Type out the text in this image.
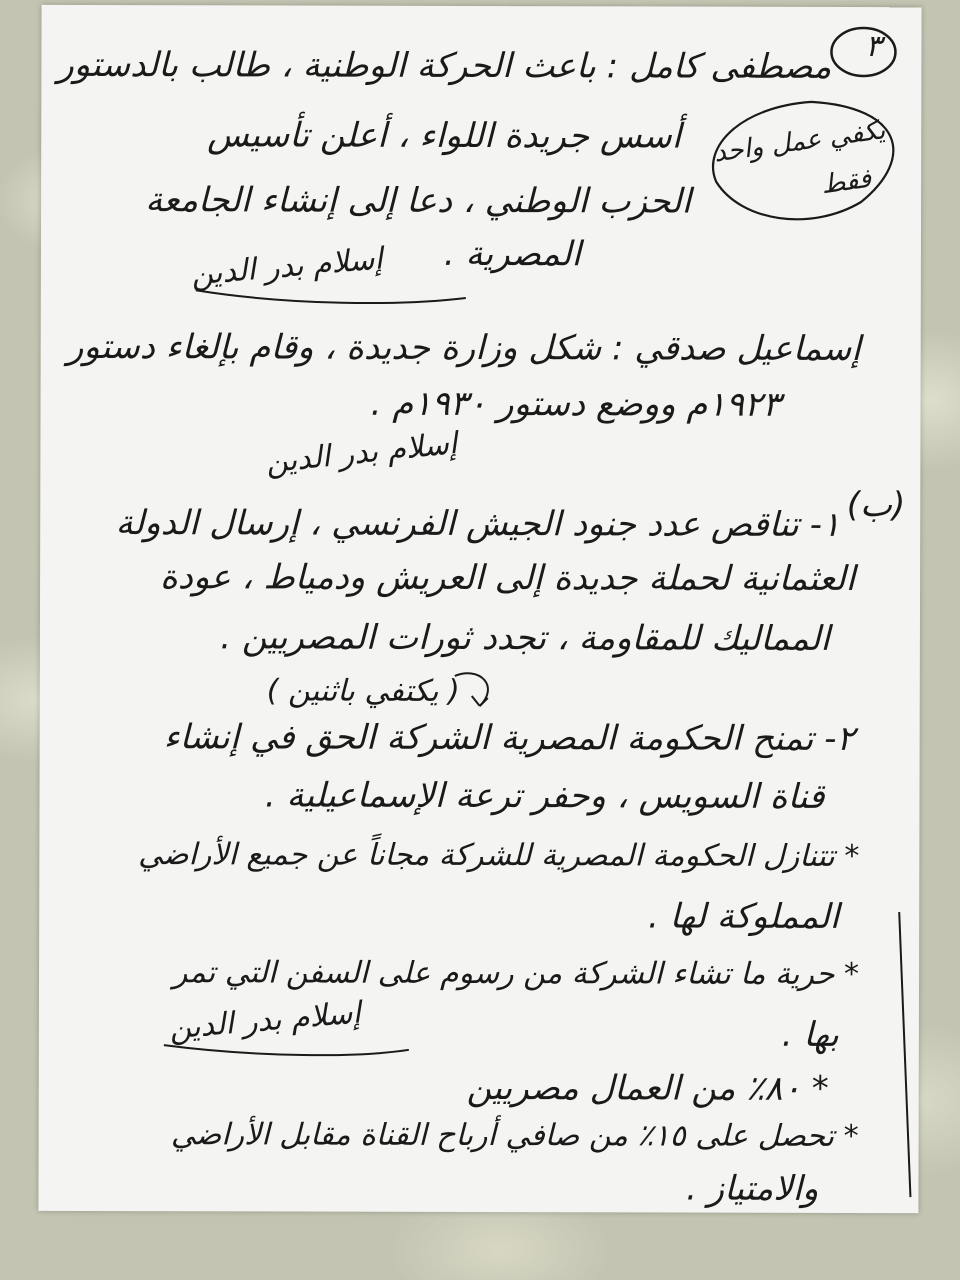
٣
مصطفى كامل : باعث الحركة الوطنية ، طالب بالدستور
أسس جريدة اللواء ، أعلن تأسيس
الحزب الوطني ، دعا إلى إنشاء الجامعة
المصرية .
يكفي عمل واحد
فقط
إسلام بدر الدين
إسماعيل صدقي : شكل وزارة جديدة ، وقام بإلغاء دستور
١٩٢٣م ووضع دستور ١٩٣٠م .
إسلام بدر الدين
(ب)
١- تناقص عدد جنود الجيش الفرنسي ، إرسال الدولة
العثمانية لحملة جديدة إلى العريش ودمياط ، عودة
المماليك للمقاومة ، تجدد ثورات المصريين .
( يكتفي باثنين )
٢- تمنح الحكومة المصرية الشركة الحق في إنشاء
قناة السويس ، وحفر ترعة الإسماعيلية .
* تتنازل الحكومة المصرية للشركة مجاناً عن جميع الأراضي
المملوكة لها .
* حرية ما تشاء الشركة من رسوم على السفن التي تمر
بها .
إسلام بدر الدين
* ٨٠٪ من العمال مصريين
* تحصل على ١٥٪ من صافي أرباح القناة مقابل الأراضي
والامتياز .
